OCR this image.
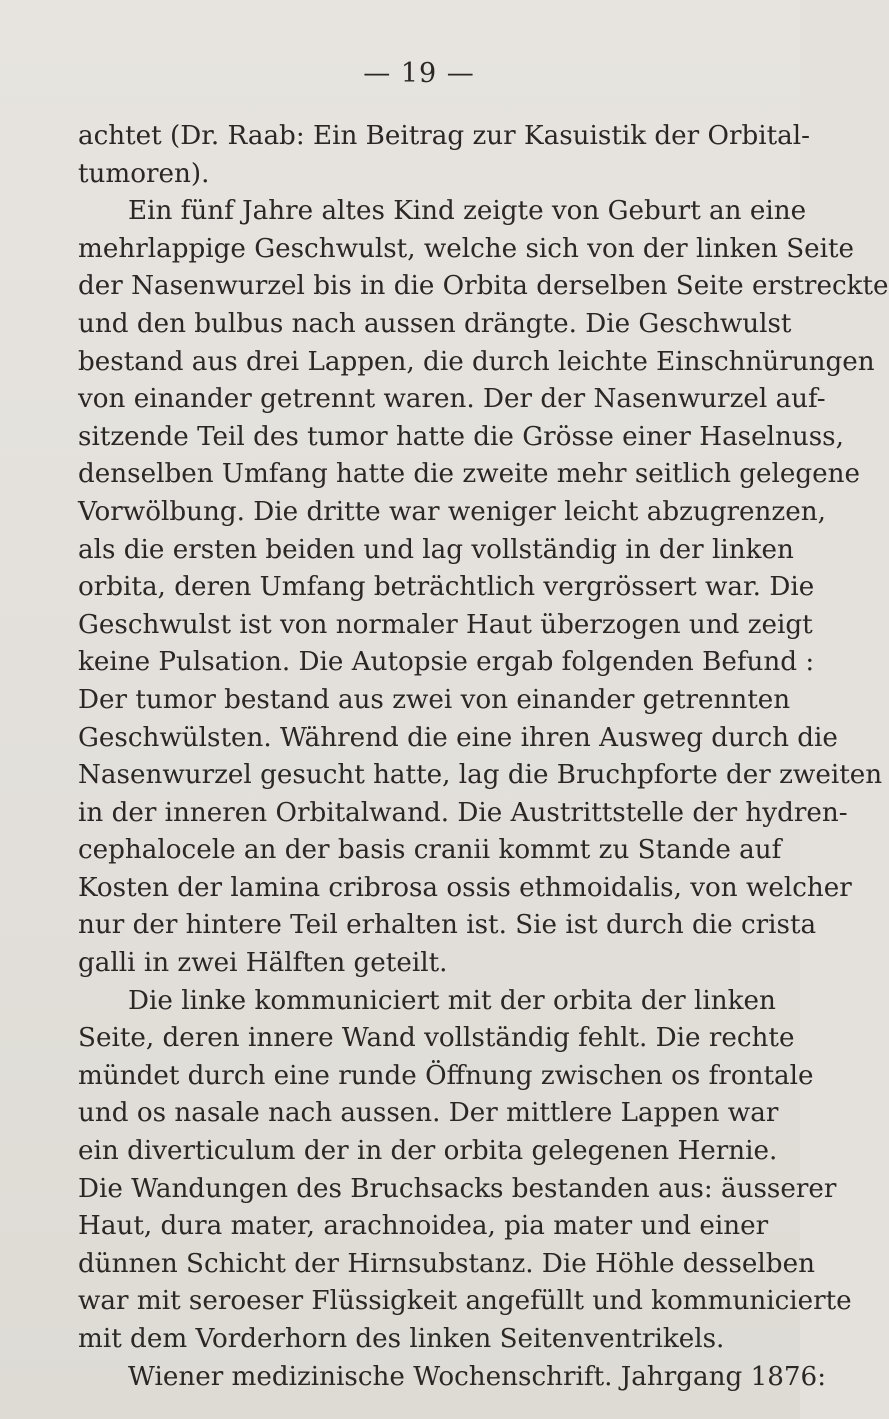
— 19 —
achtet (Dr. Raab: Ein Beitrag zur Kasuistik der Orbital-
tumoren).
Ein fünf Jahre altes Kind zeigte von Geburt an eine
mehrlappige Geschwulst, welche sich von der linken Seite
der Nasenwurzel bis in die Orbita derselben Seite erstreckte
und den bulbus nach aussen drängte. Die Geschwulst
bestand aus drei Lappen, die durch leichte Einschnürungen
von einander getrennt waren. Der der Nasenwurzel auf-
sitzende Teil des tumor hatte die Grösse einer Haselnuss,
denselben Umfang hatte die zweite mehr seitlich gelegene
Vorwölbung. Die dritte war weniger leicht abzugrenzen,
als die ersten beiden und lag vollständig in der linken
orbita, deren Umfang beträchtlich vergrössert war. Die
Geschwulst ist von normaler Haut überzogen und zeigt
keine Pulsation. Die Autopsie ergab folgenden Befund :
Der tumor bestand aus zwei von einander getrennten
Geschwülsten. Während die eine ihren Ausweg durch die
Nasenwurzel gesucht hatte, lag die Bruchpforte der zweiten
in der inneren Orbitalwand. Die Austrittstelle der hydren-
cephalocele an der basis cranii kommt zu Stande auf
Kosten der lamina cribrosa ossis ethmoidalis, von welcher
nur der hintere Teil erhalten ist. Sie ist durch die crista
galli in zwei Hälften geteilt.
Die linke kommuniciert mit der orbita der linken
Seite, deren innere Wand vollständig fehlt. Die rechte
mündet durch eine runde Öffnung zwischen os frontale
und os nasale nach aussen. Der mittlere Lappen war
ein diverticulum der in der orbita gelegenen Hernie.
Die Wandungen des Bruchsacks bestanden aus: äusserer
Haut, dura mater, arachnoidea, pia mater und einer
dünnen Schicht der Hirnsubstanz. Die Höhle desselben
war mit seroeser Flüssigkeit angefüllt und kommunicierte
mit dem Vorderhorn des linken Seitenventrikels.
Wiener medizinische Wochenschrift. Jahrgang 1876:
